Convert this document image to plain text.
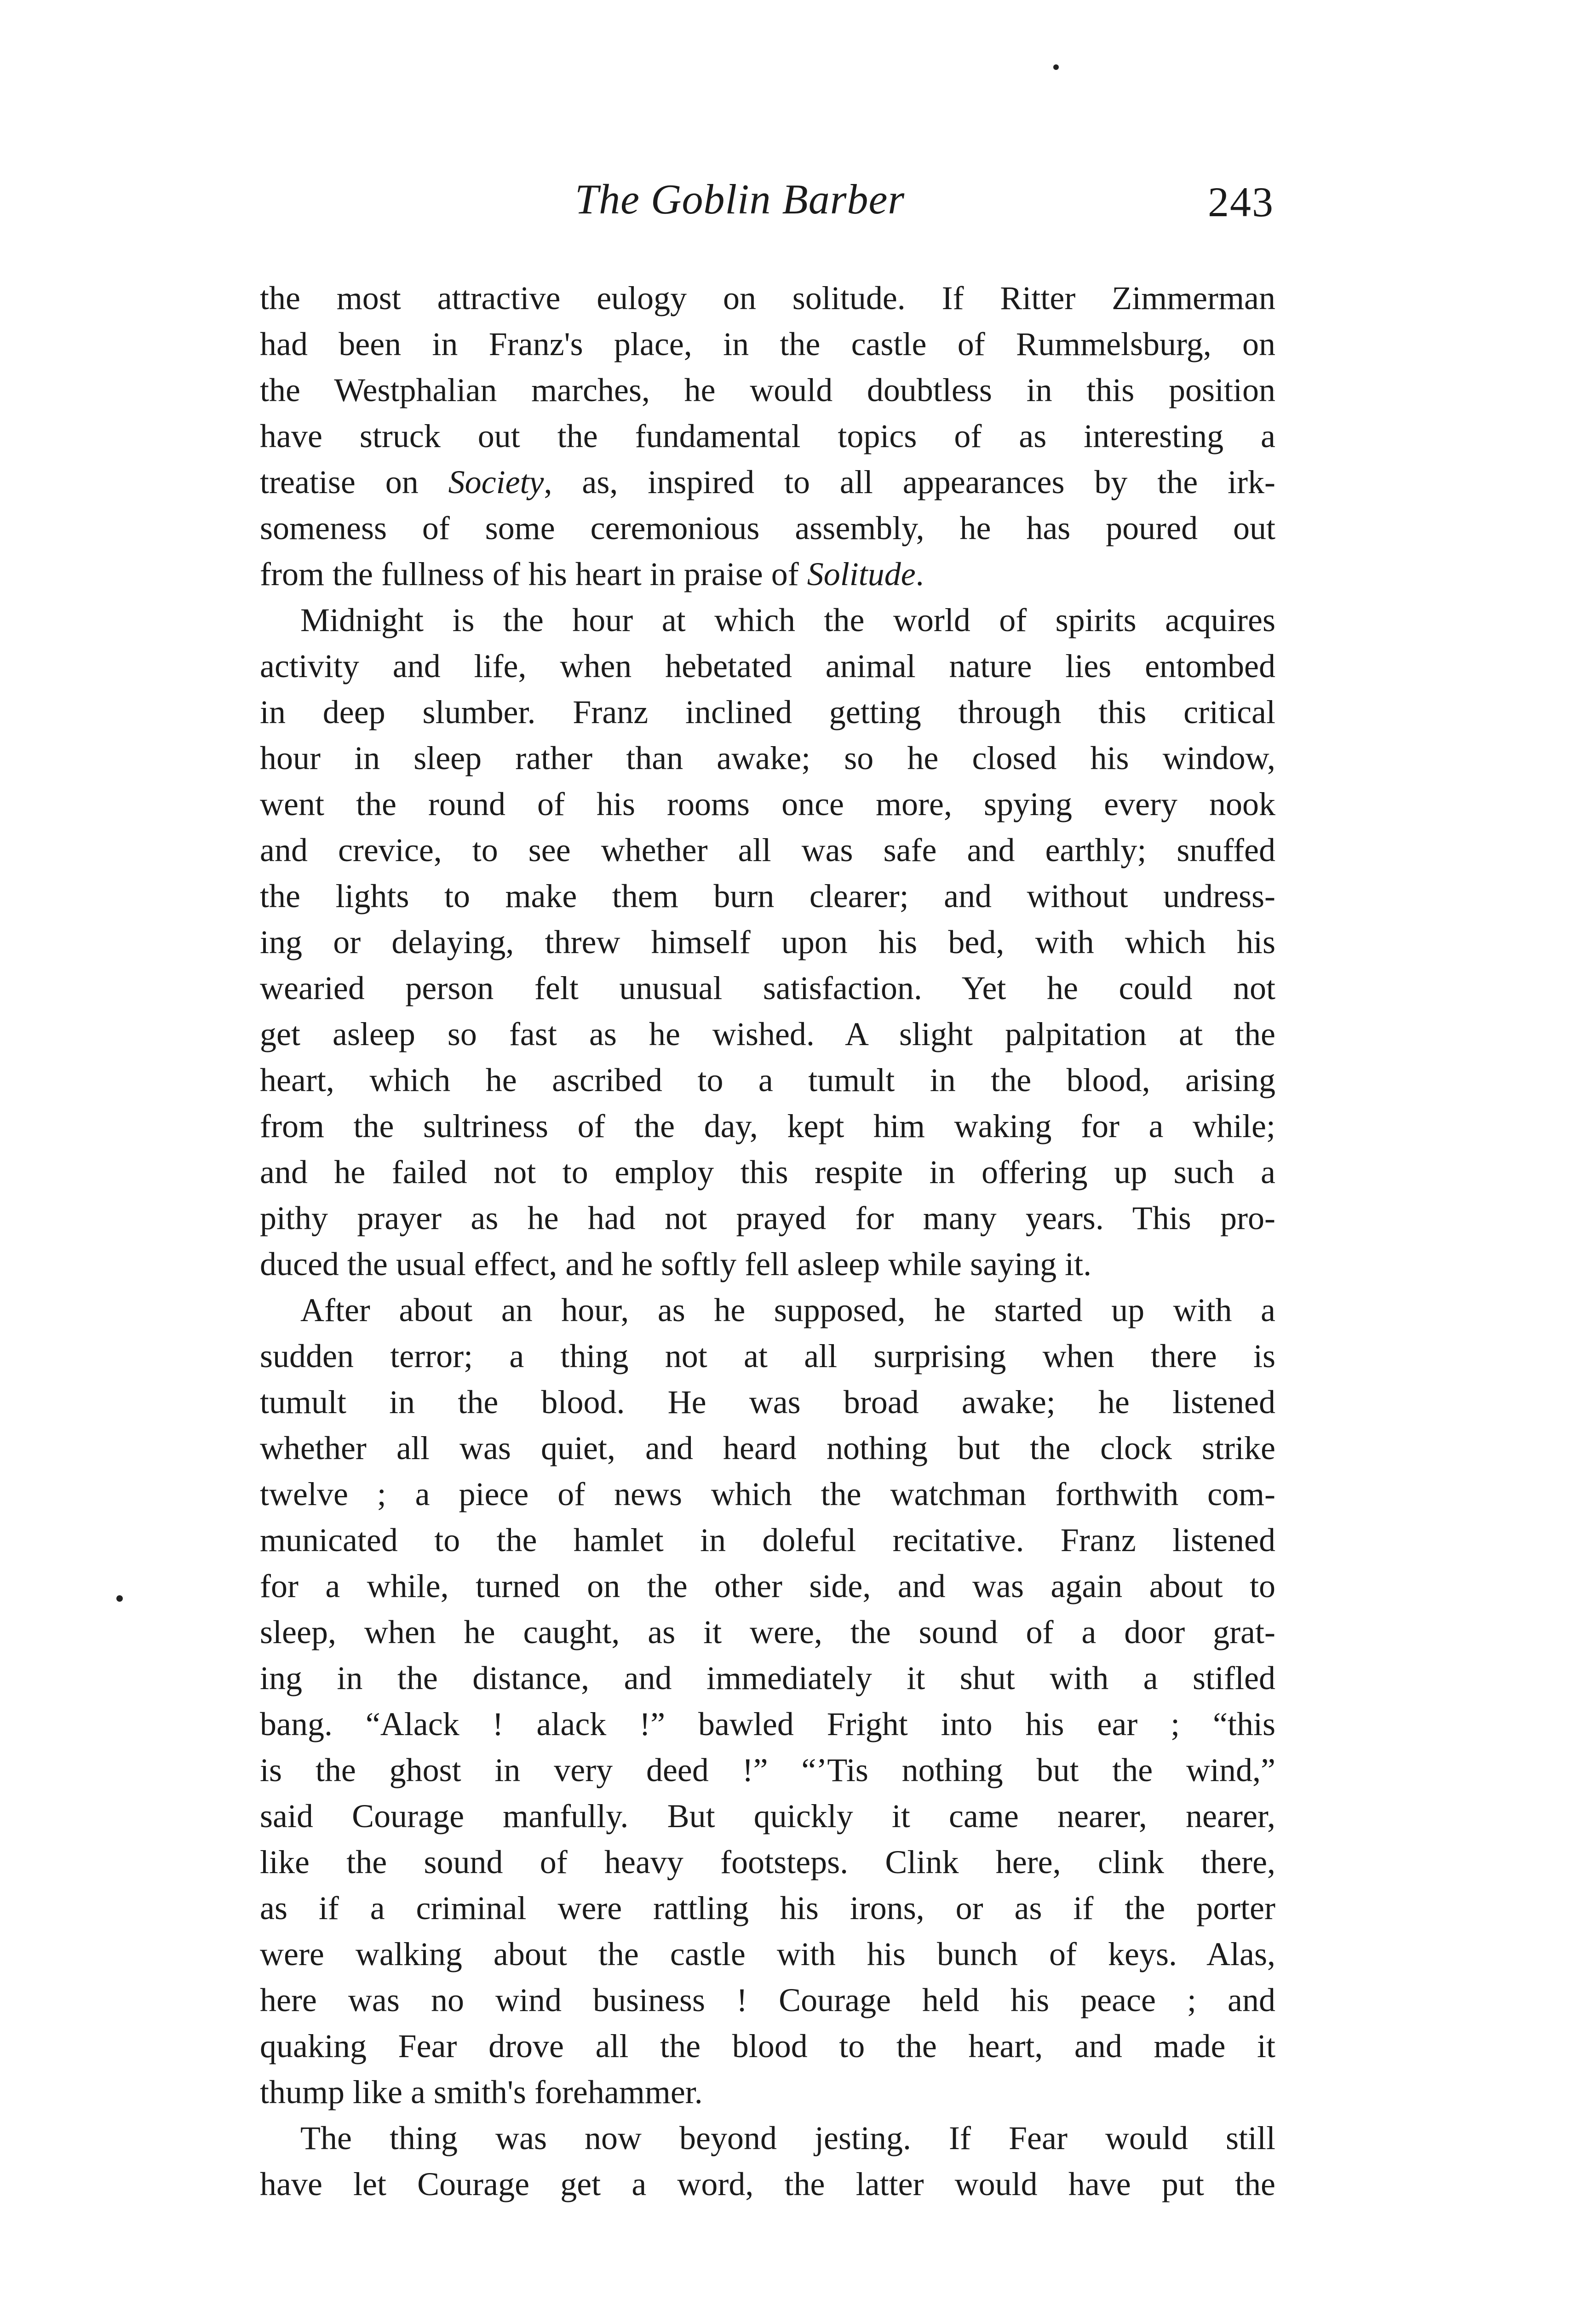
The Goblin Barber	243
the most attractive eulogy on solitude. If Ritter Zimmerman
had been in Franz's place, in the castle of Rummelsburg, on
the Westphalian marches, he would doubtless in this position
have struck out the fundamental topics of as interesting a
treatise on Society, as, inspired to all appearances by the irk-
someness of some ceremonious assembly, he has poured out
from the fullness of his heart in praise of Solitude.
Midnight is the hour at which the world of spirits acquires
activity and life, when hebetated animal nature lies entombed
in deep slumber. Franz inclined getting through this critical
hour in sleep rather than awake; so he closed his window,
went the round of his rooms once more, spying every nook
and crevice, to see whether all was safe and earthly; snuffed
the lights to make them burn clearer; and without undress-
ing or delaying, threw himself upon his bed, with which his
wearied person felt unusual satisfaction. Yet he could not
get asleep so fast as he wished. A slight palpitation at the
heart, which he ascribed to a tumult in the blood, arising
from the sultriness of the day, kept him waking for a while;
and he failed not to employ this respite in offering up such a
pithy prayer as he had not prayed for many years. This pro-
duced the usual effect, and he softly fell asleep while saying it.
After about an hour, as he supposed, he started up with a
sudden terror; a thing not at all surprising when there is
tumult in the blood. He was broad awake; he listened
whether all was quiet, and heard nothing but the clock strike
twelve ; a piece of news which the watchman forthwith com-
municated to the hamlet in doleful recitative. Franz listened
for a while, turned on the other side, and was again about to
sleep, when he caught, as it were, the sound of a door grat-
ing in the distance, and immediately it shut with a stifled
bang. “Alack ! alack !” bawled Fright into his ear ; “this
is the ghost in very deed !” “’Tis nothing but the wind,”
said Courage manfully. But quickly it came nearer, nearer,
like the sound of heavy footsteps. Clink here, clink there,
as if a criminal were rattling his irons, or as if the porter
were walking about the castle with his bunch of keys. Alas,
here was no wind business ! Courage held his peace ; and
quaking Fear drove all the blood to the heart, and made it
thump like a smith's forehammer.
The thing was now beyond jesting. If Fear would still
have let Courage get a word, the latter would have put the
